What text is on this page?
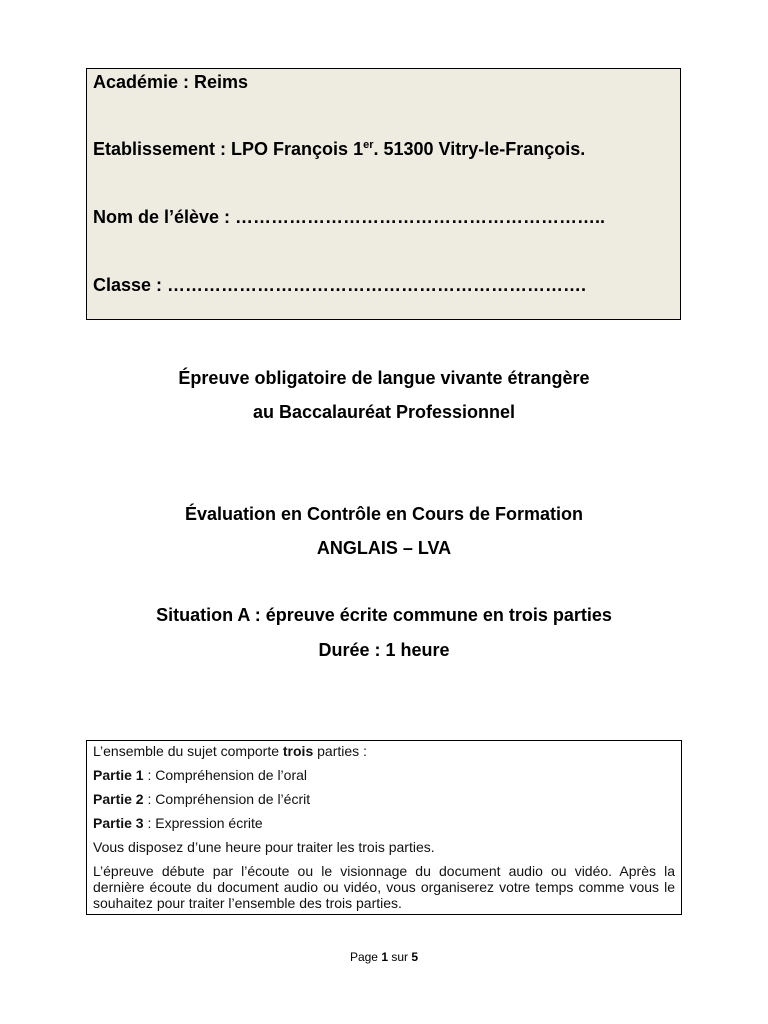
Académie : Reims
Etablissement : LPO François 1er. 51300 Vitry-le-François.
Nom de l’élève : ……………………………………………………..
Classe : …………………………………………………………….
Épreuve obligatoire de langue vivante étrangère
au Baccalauréat Professionnel
Évaluation en Contrôle en Cours de Formation
ANGLAIS – LVA
Situation A : épreuve écrite commune en trois parties
Durée : 1 heure

L’ensemble du sujet comporte trois parties :

Partie 1 : Compréhension de l’oral

Partie 2 : Compréhension de l’écrit

Partie 3 : Expression écrite

Vous disposez d’une heure pour traiter les trois parties.

L’épreuve débute par l’écoute ou le visionnage du document audio ou vidéo. Après la dernière écoute du document audio ou vidéo, vous organiserez votre temps comme vous le souhaitez pour traiter l’ensemble des trois parties.

Page 1 sur 5
